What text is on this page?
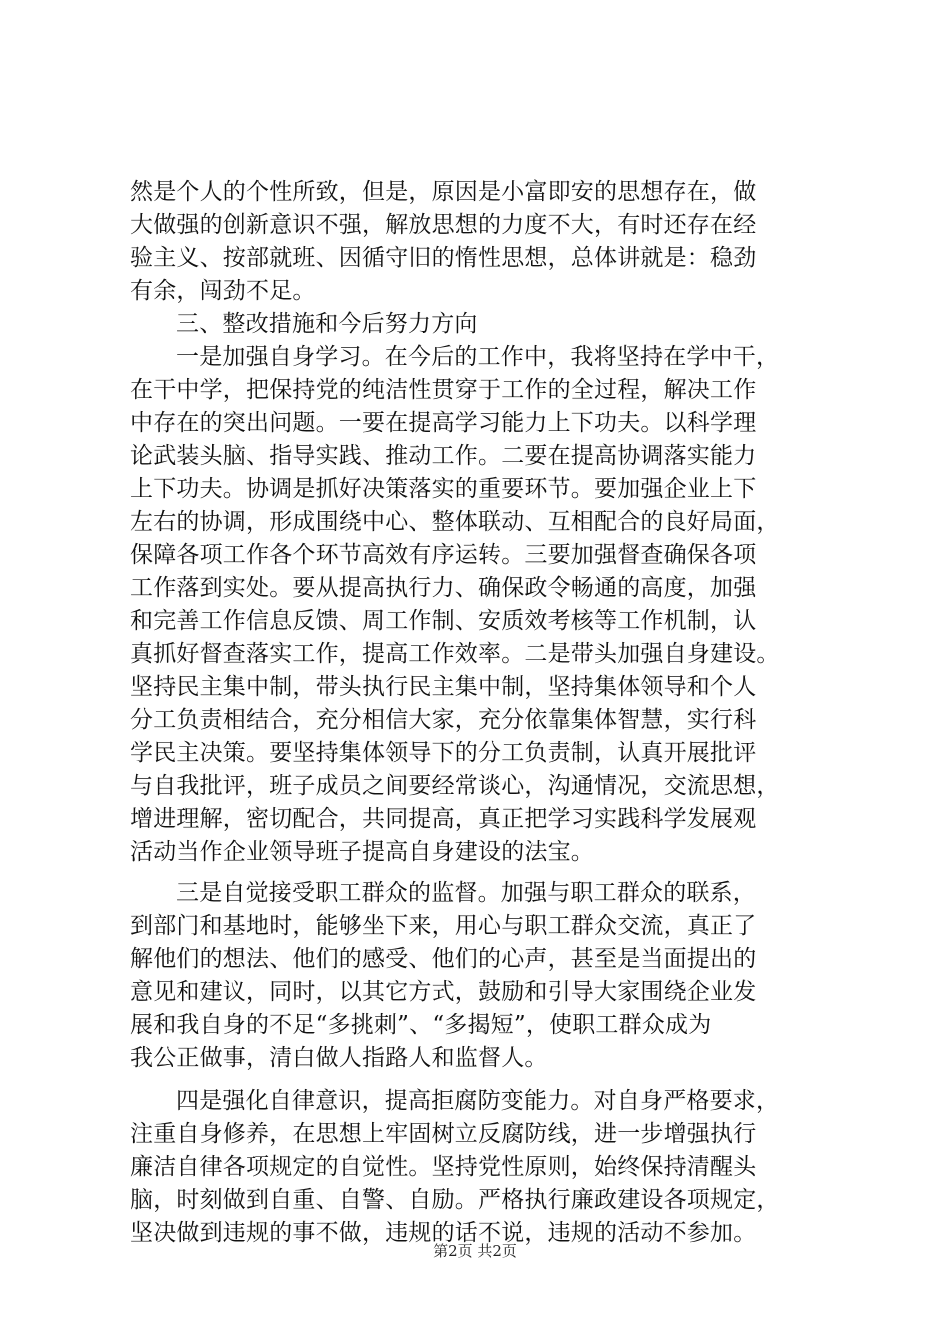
然是个人的个性所致，但是，原因是小富即安的思想存在，做
大做强的创新意识不强，解放思想的力度不大，有时还存在经
验主义、按部就班、因循守旧的惰性思想，总体讲就是：稳劲
有余，闯劲不足。
三、整改措施和今后努力方向
一是加强自身学习。在今后的工作中，我将坚持在学中干，
在干中学，把保持党的纯洁性贯穿于工作的全过程，解决工作
中存在的突出问题。一要在提高学习能力上下功夫。以科学理
论武装头脑、指导实践、推动工作。二要在提高协调落实能力
上下功夫。协调是抓好决策落实的重要环节。要加强企业上下
左右的协调，形成围绕中心、整体联动、互相配合的良好局面，
保障各项工作各个环节高效有序运转。三要加强督查确保各项
工作落到实处。要从提高执行力、确保政令畅通的高度，加强
和完善工作信息反馈、周工作制、安质效考核等工作机制，认
真抓好督查落实工作，提高工作效率。二是带头加强自身建设。
坚持民主集中制，带头执行民主集中制，坚持集体领导和个人
分工负责相结合，充分相信大家，充分依靠集体智慧，实行科
学民主决策。要坚持集体领导下的分工负责制，认真开展批评
与自我批评，班子成员之间要经常谈心，沟通情况，交流思想，
增进理解，密切配合，共同提高，真正把学习实践科学发展观
活动当作企业领导班子提高自身建设的法宝。
三是自觉接受职工群众的监督。加强与职工群众的联系，
到部门和基地时，能够坐下来，用心与职工群众交流，真正了
解他们的想法、他们的感受、他们的心声，甚至是当面提出的
意见和建议，同时，以其它方式，鼓励和引导大家围绕企业发
展和我自身的不足“多挑刺”、“多揭短”，使职工群众成为
我公正做事，清白做人指路人和监督人。
四是强化自律意识，提高拒腐防变能力。对自身严格要求，
注重自身修养，在思想上牢固树立反腐防线，进一步增强执行
廉洁自律各项规定的自觉性。坚持党性原则，始终保持清醒头
脑，时刻做到自重、自警、自励。严格执行廉政建设各项规定，
坚决做到违规的事不做，违规的话不说，违规的活动不参加。
第2页 共2页
